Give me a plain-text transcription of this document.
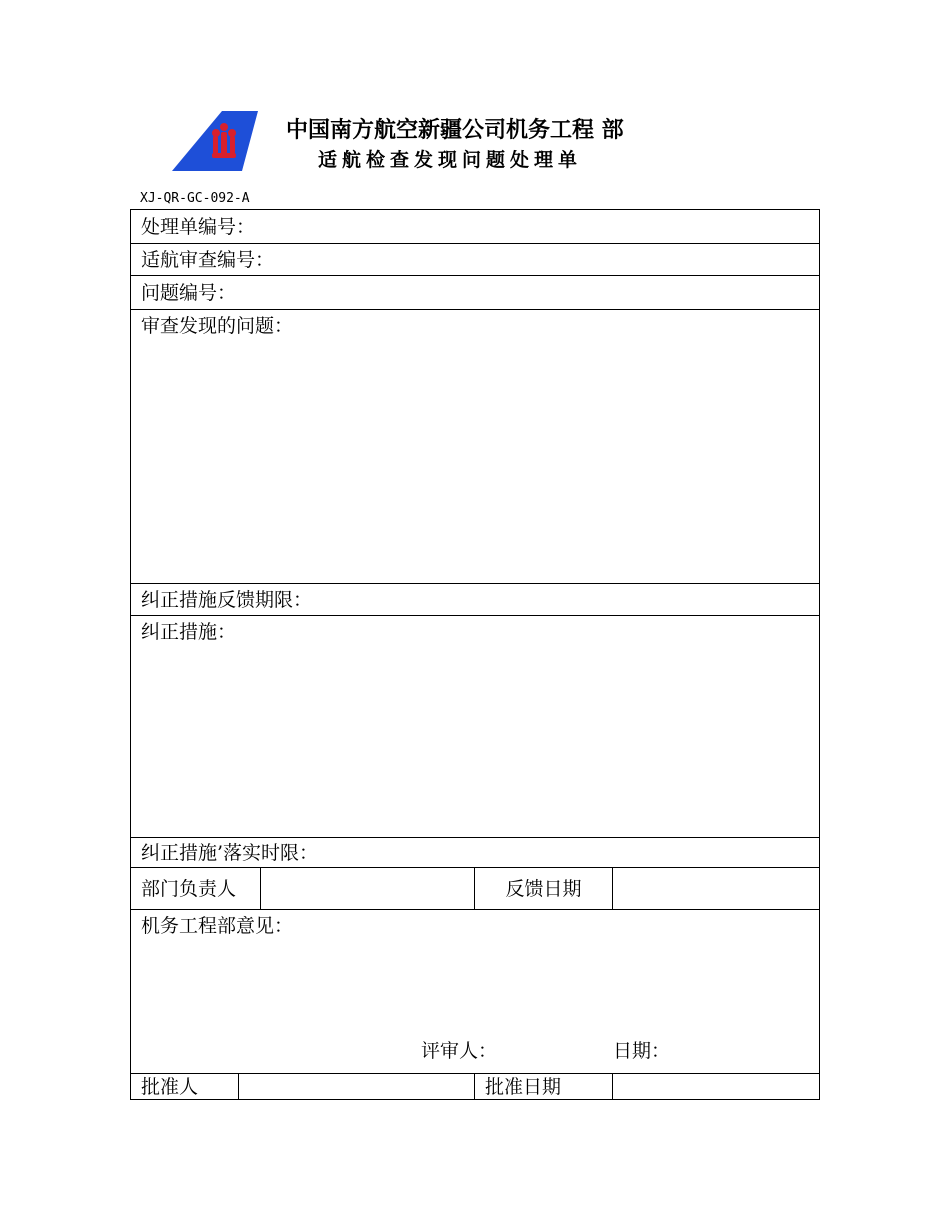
中国南方航空新疆公司机务工程 部
适航检查发现问题处理单
XJ-QR-GC-092-A
处理单编号：				
适航审查编号：				
问题编号：				
审查发现的问题：				
纠正措施反馈期限：				
纠正措施：				
纠正措施’落实时限：				
部门负责人			反馈日期	
机务工程部意见：
评审人： 日期：				

批准人			批准日期	
